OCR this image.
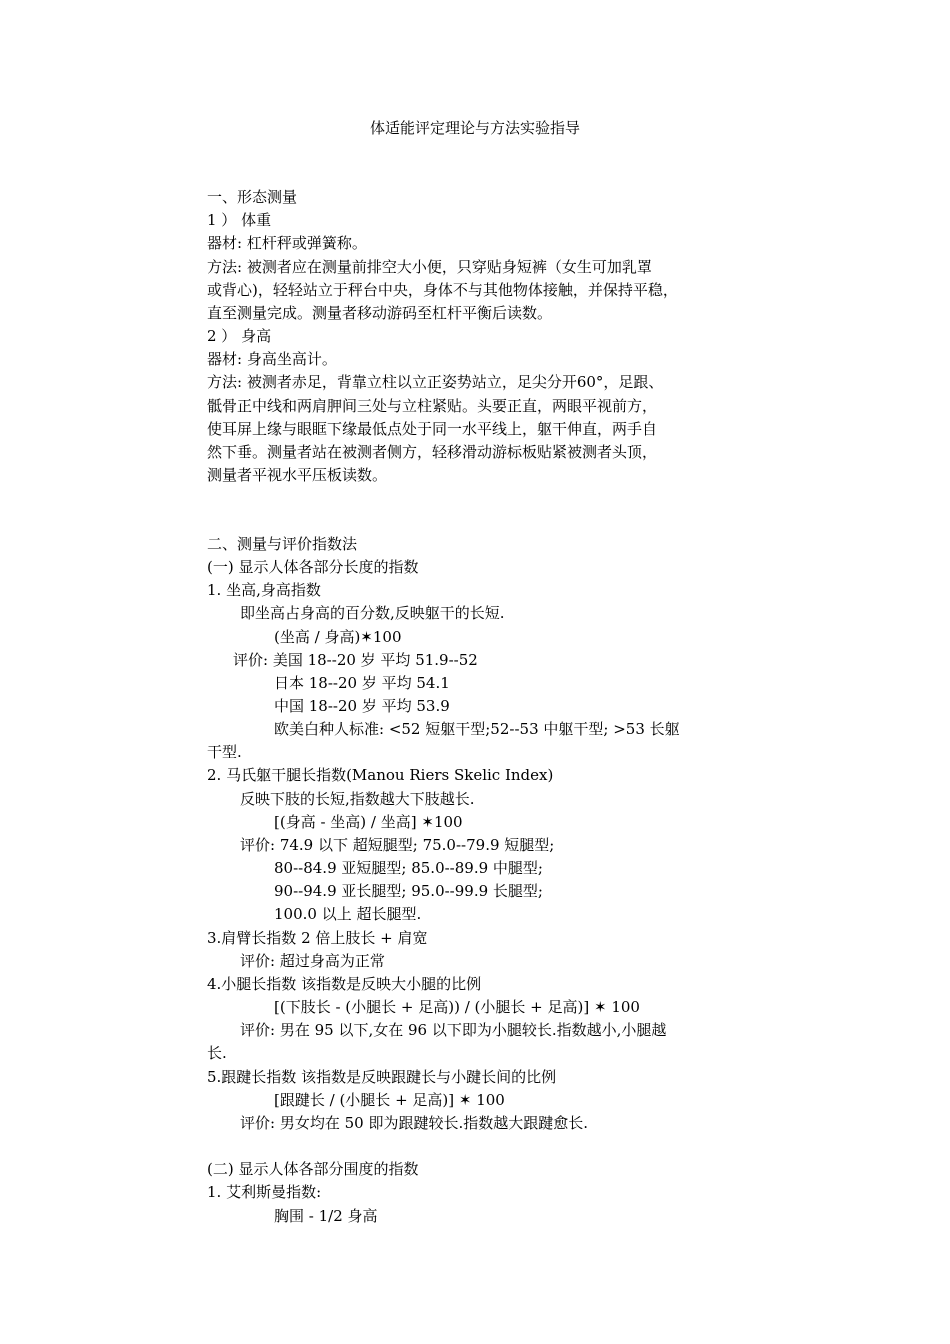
体适能评定理论与方法实验指导
一、形态测量
1 ） 体重
器材: 杠杆秤或弹簧称。
方法: 被测者应在测量前排空大小便，只穿贴身短裤（女生可加乳罩
或背心)，轻轻站立于秤台中央，身体不与其他物体接触，并保持平稳，
直至测量完成。测量者移动游码至杠杆平衡后读数。
2 ） 身高
器材: 身高坐高计。
方法: 被测者赤足，背靠立柱以立正姿势站立，足尖分开60°，足跟、
骶骨正中线和两肩胛间三处与立柱紧贴。头要正直，两眼平视前方，
使耳屏上缘与眼眶下缘最低点处于同一水平线上，躯干伸直，两手自
然下垂。测量者站在被测者侧方，轻移滑动游标板贴紧被测者头顶，
测量者平视水平压板读数。
二、测量与评价指数法
(一) 显示人体各部分长度的指数
1. 坐高,身高指数
即坐高占身高的百分数,反映躯干的长短.
(坐高 / 身高)✶100
评价: 美国 18--20 岁 平均 51.9--52
日本 18--20 岁 平均 54.1
中国 18--20 岁 平均 53.9
欧美白种人标准: <52 短躯干型;52--53 中躯干型; >53 长躯
干型.
2. 马氏躯干腿长指数(Manou Riers Skelic Index)
反映下肢的长短,指数越大下肢越长.
[(身高 - 坐高) / 坐高] ✶100
评价: 74.9 以下 超短腿型; 75.0--79.9 短腿型;
80--84.9 亚短腿型; 85.0--89.9 中腿型;
90--94.9 亚长腿型; 95.0--99.9 长腿型;
100.0 以上 超长腿型.
3.肩臂长指数 2 倍上肢长 + 肩宽
评价: 超过身高为正常
4.小腿长指数 该指数是反映大小腿的比例
[(下肢长 - (小腿长 + 足高)) / (小腿长 + 足高)] ✶ 100
评价: 男在 95 以下,女在 96 以下即为小腿较长.指数越小,小腿越
长.
5.跟踺长指数 该指数是反映跟踺长与小踺长间的比例
[跟踺长 / (小腿长 + 足高)] ✶ 100
评价: 男女均在 50 即为跟踺较长.指数越大跟踺愈长.
(二) 显示人体各部分围度的指数
1. 艾利斯曼指数:
胸围 - 1/2 身高
